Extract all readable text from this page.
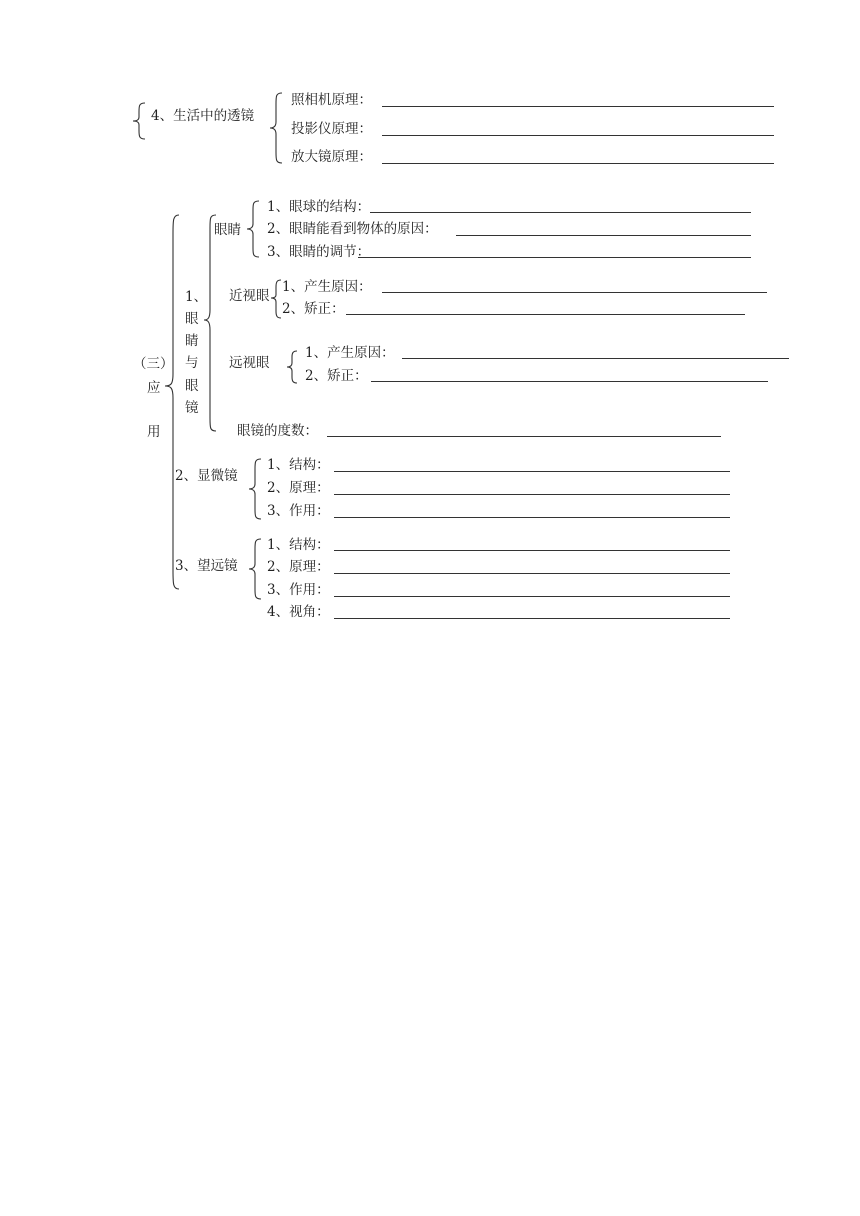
4、生活中的透镜
照相机原理：
投影仪原理：
放大镜原理：
（三）
应
用
1、
眼
睛
与
眼
镜
眼睛
1、眼球的结构：
2、眼睛能看到物体的原因：
3、眼睛的调节：
近视眼
1、产生原因：
2、矫正：
远视眼
1、产生原因：
2、矫正：
眼镜的度数：
2、显微镜
1、结构：
2、原理：
3、作用：
3、望远镜
1、结构：
2、原理：
3、作用：
4、视角：
